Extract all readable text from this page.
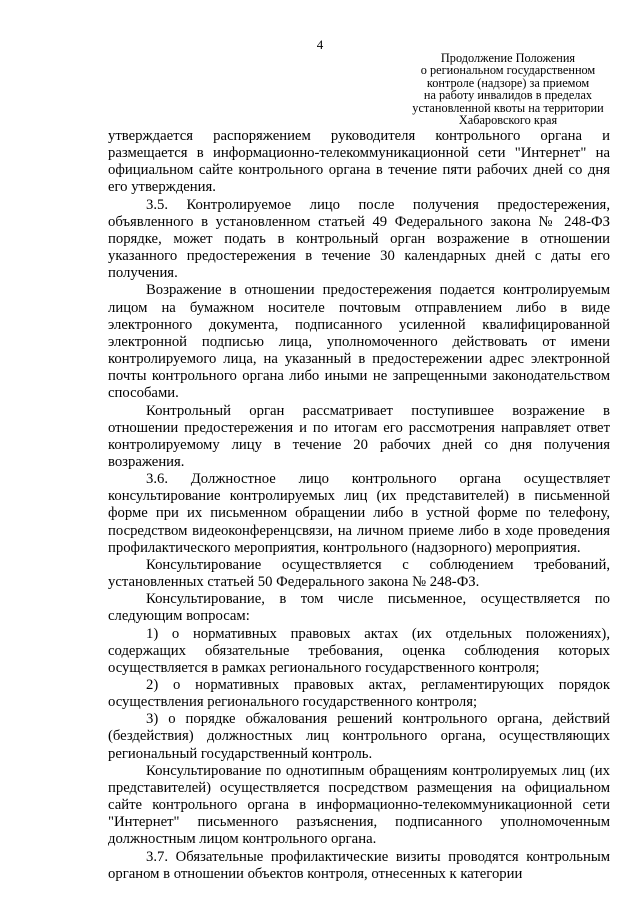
4
Продолжение Положения
о региональном государственном
контроле (надзоре) за приемом
на работу инвалидов в пределах
установленной квоты на территории
Хабаровского края

утверждается распоряжением руководителя контрольного органа и размещается в информационно-телекоммуникационной сети "Интернет" на официальном сайте контрольного органа в течение пяти рабочих дней со дня его утверждения.

3.5. Контролируемое лицо после получения предостережения, объявленного в установленном статьей 49 Федерального закона № 248-ФЗ порядке, может подать в контрольный орган возражение в отношении указанного предостережения в течение 30 календарных дней с даты его получения.

Возражение в отношении предостережения подается контролируемым лицом на бумажном носителе почтовым отправлением либо в виде электронного документа, подписанного усиленной квалифицированной электронной подписью лица, уполномоченного действовать от имени контролируемого лица, на указанный в предостережении адрес электронной почты контрольного органа либо иными не запрещенными законодательством способами.

Контрольный орган рассматривает поступившее возражение в отношении предостережения и по итогам его рассмотрения направляет ответ контролируемому лицу в течение 20 рабочих дней со дня получения возражения.

3.6. Должностное лицо контрольного органа осуществляет консультирование контролируемых лиц (их представителей) в письменной форме при их письменном обращении либо в устной форме по телефону, посредством видеоконференцсвязи, на личном приеме либо в ходе проведения профилактического мероприятия, контрольного (надзорного) мероприятия.

Консультирование осуществляется с соблюдением требований, установленных статьей 50 Федерального закона № 248-ФЗ.

Консультирование, в том числе письменное, осуществляется по следующим вопросам:

1) о нормативных правовых актах (их отдельных положениях), содержащих обязательные требования, оценка соблюдения которых осуществляется в рамках регионального государственного контроля;

2) о нормативных правовых актах, регламентирующих порядок осуществления регионального государственного контроля;

3) о порядке обжалования решений контрольного органа, действий (бездействия) должностных лиц контрольного органа, осуществляющих региональный государственный контроль.

Консультирование по однотипным обращениям контролируемых лиц (их представителей) осуществляется посредством размещения на официальном сайте контрольного органа в информационно-телекоммуникационной сети "Интернет" письменного разъяснения, подписанного уполномоченным должностным лицом контрольного органа.

3.7. Обязательные профилактические визиты проводятся контрольным органом в отношении объектов контроля, отнесенных к категории
